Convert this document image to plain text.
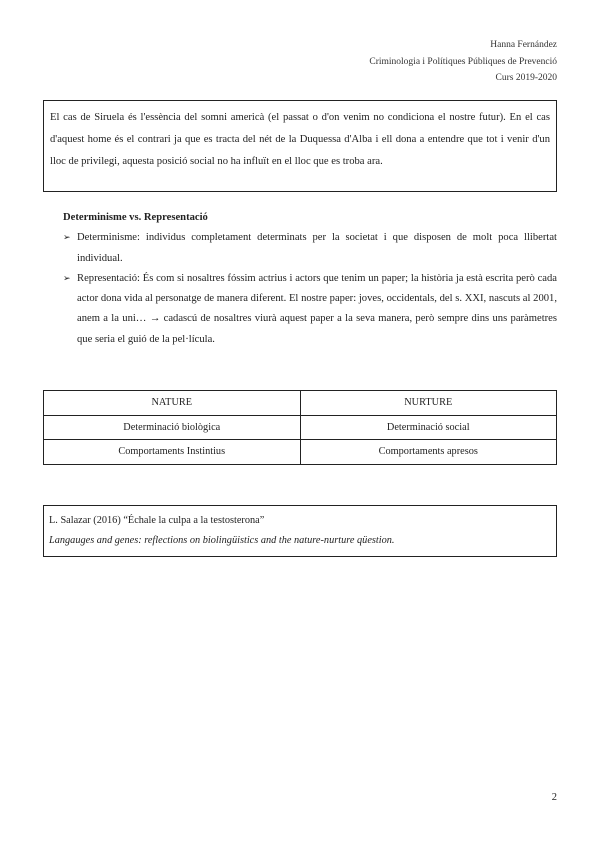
Hanna Fernández
Criminologia i Polítiques Públiques de Prevenció
Curs 2019-2020

El cas de Siruela és l'essència del somni americà (el passat o d'on venim no condiciona el nostre futur). En el cas d'aquest home és el contrari ja que es tracta del nét de la Duquessa d'Alba i ell dona a entendre que tot i venir d'un lloc de privilegi, aquesta posició social no ha influït en el lloc que es troba ara.

Determinisme vs. Representació
➢ Determinisme: individus completament determinats per la societat i que disposen de molt poca llibertat individual.
➢ Representació: És com si nosaltres fóssim actrius i actors que tenim un paper; la història ja està escrita però cada actor dona vida al personatge de manera diferent. El nostre paper: joves, occidentals, del s. XXI, nascuts al 2001, anem a la uni… → cadascú de nosaltres viurà aquest paper a la seva manera, però sempre dins uns paràmetres que seria el guió de la pel·lícula.
NATURE	NURTURE
Determinació biològica	Determinació social
Comportaments Instintius	Comportaments apresos
L. Salazar (2016) “Échale la culpa a la testosterona”
Langauges and genes: reflections on biolingüistics and the nature-nurture qüestion.
2
